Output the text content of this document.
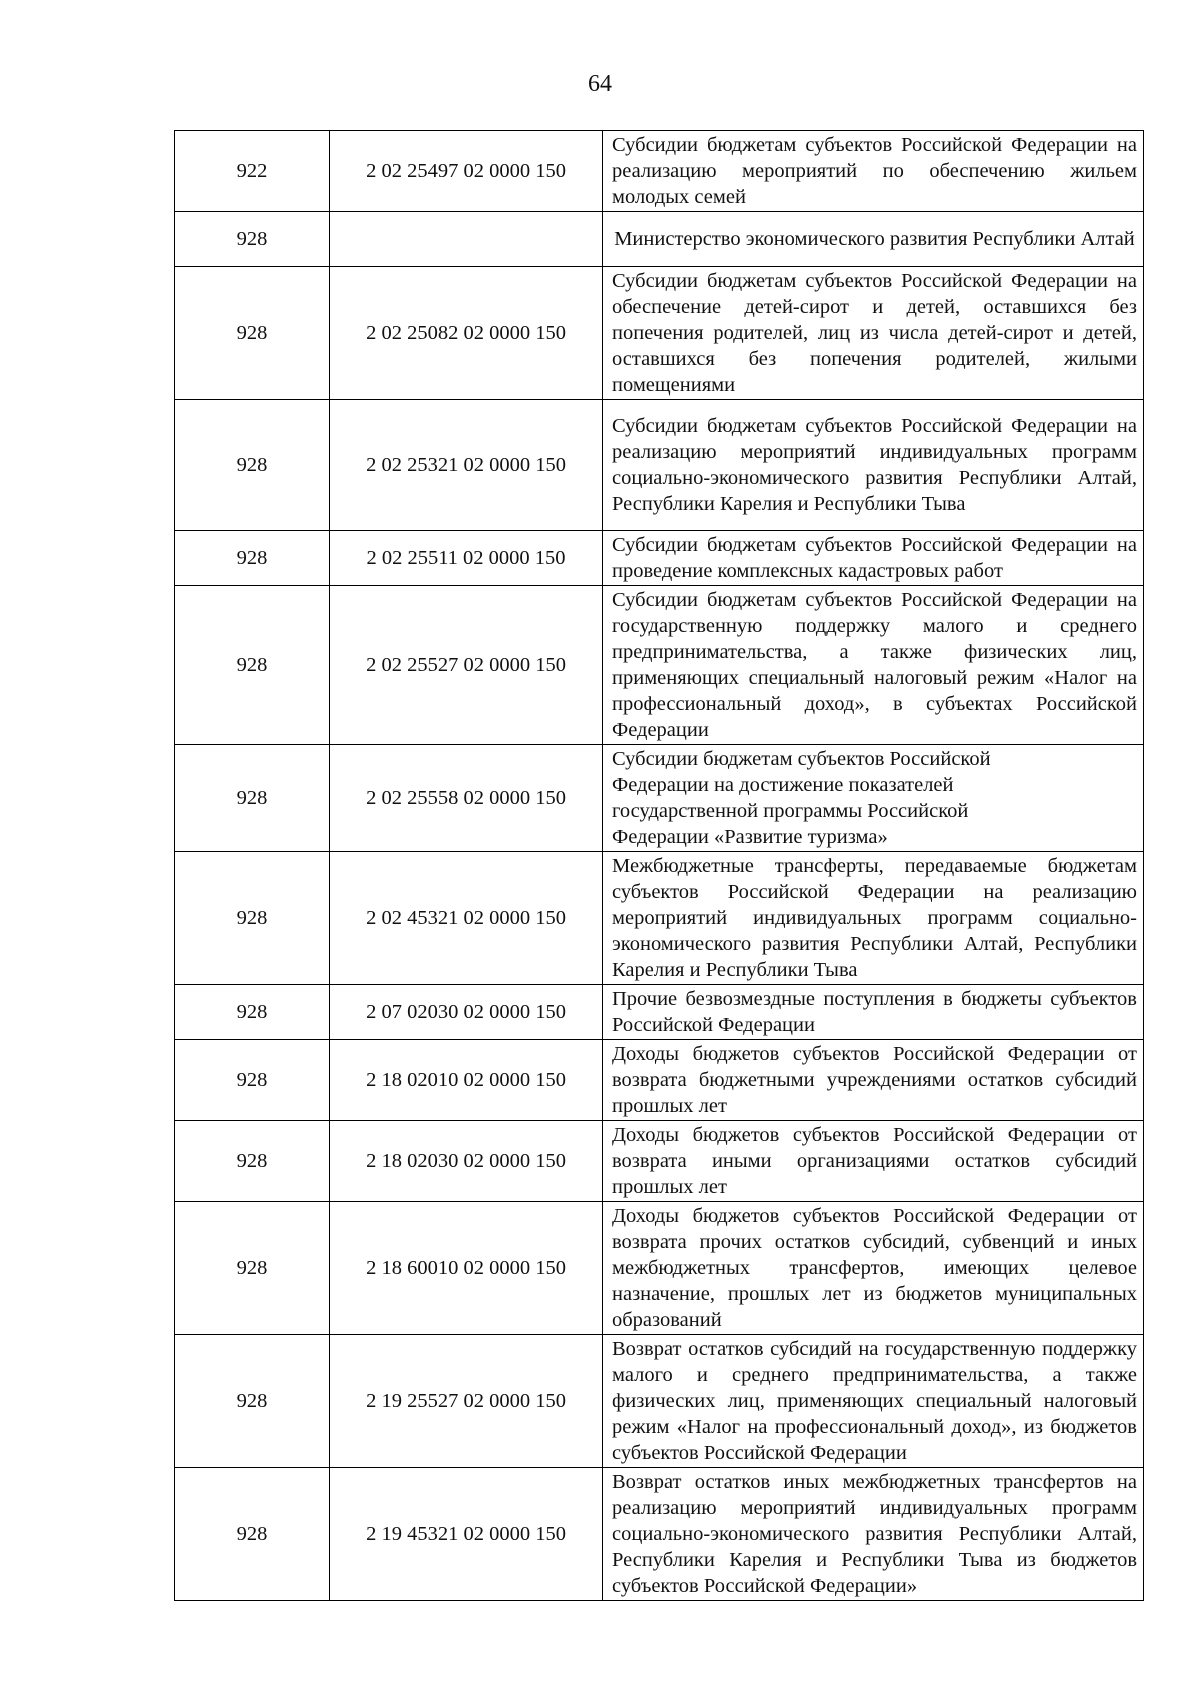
64
922	2 02 25497 02 0000 150	Субсидии бюджетам субъектов Российской Федерации на реализацию мероприятий по обеспечению жильем молодых семей
928		Министерство экономического развития Республики Алтай
928	2 02 25082 02 0000 150	Субсидии бюджетам субъектов Российской Федерации на обеспечение детей-сирот и детей, оставшихся без попечения родителей, лиц из числа детей-сирот и детей, оставшихся без попечения родителей, жилыми помещениями
928	2 02 25321 02 0000 150	Субсидии бюджетам субъектов Российской Федерации на реализацию мероприятий индивидуальных программ социально-экономического развития Республики Алтай, Республики Карелия и Республики Тыва
928	2 02 25511 02 0000 150	Субсидии бюджетам субъектов Российской Федерации на проведение комплексных кадастровых работ
928	2 02 25527 02 0000 150	Субсидии бюджетам субъектов Российской Федерации на государственную поддержку малого и среднего предпринимательства, а также физических лиц, применяющих специальный налоговый режим «Налог на профессиональный доход», в субъектах Российской Федерации
928	2 02 25558 02 0000 150	Субсидии бюджетам субъектов Российской Федерации на достижение показателей государственной программы Российской Федерации «Развитие туризма»

928	2 02 45321 02 0000 150	Межбюджетные трансферты, передаваемые бюджетам субъектов Российской Федерации на реализацию мероприятий индивидуальных программ социально-экономического развития Республики Алтай, Республики Карелия и Республики Тыва
928	2 07 02030 02 0000 150	Прочие безвозмездные поступления в бюджеты субъектов Российской Федерации
928	2 18 02010 02 0000 150	Доходы бюджетов субъектов Российской Федерации от возврата бюджетными учреждениями остатков субсидий прошлых лет
928	2 18 02030 02 0000 150	Доходы бюджетов субъектов Российской Федерации от возврата иными организациями остатков субсидий прошлых лет
928	2 18 60010 02 0000 150	Доходы бюджетов субъектов Российской Федерации от возврата прочих остатков субсидий, субвенций и иных межбюджетных трансфертов, имеющих целевое назначение, прошлых лет из бюджетов муниципальных образований
928	2 19 25527 02 0000 150	Возврат остатков субсидий на государственную поддержку малого и среднего предпринимательства, а также физических лиц, применяющих специальный налоговый режим «Налог на профессиональный доход», из бюджетов субъектов Российской Федерации
928	2 19 45321 02 0000 150	Возврат остатков иных межбюджетных трансфертов на реализацию мероприятий индивидуальных программ социально-экономического развития Республики Алтай, Республики Карелия и Республики Тыва из бюджетов субъектов Российской Федерации»
